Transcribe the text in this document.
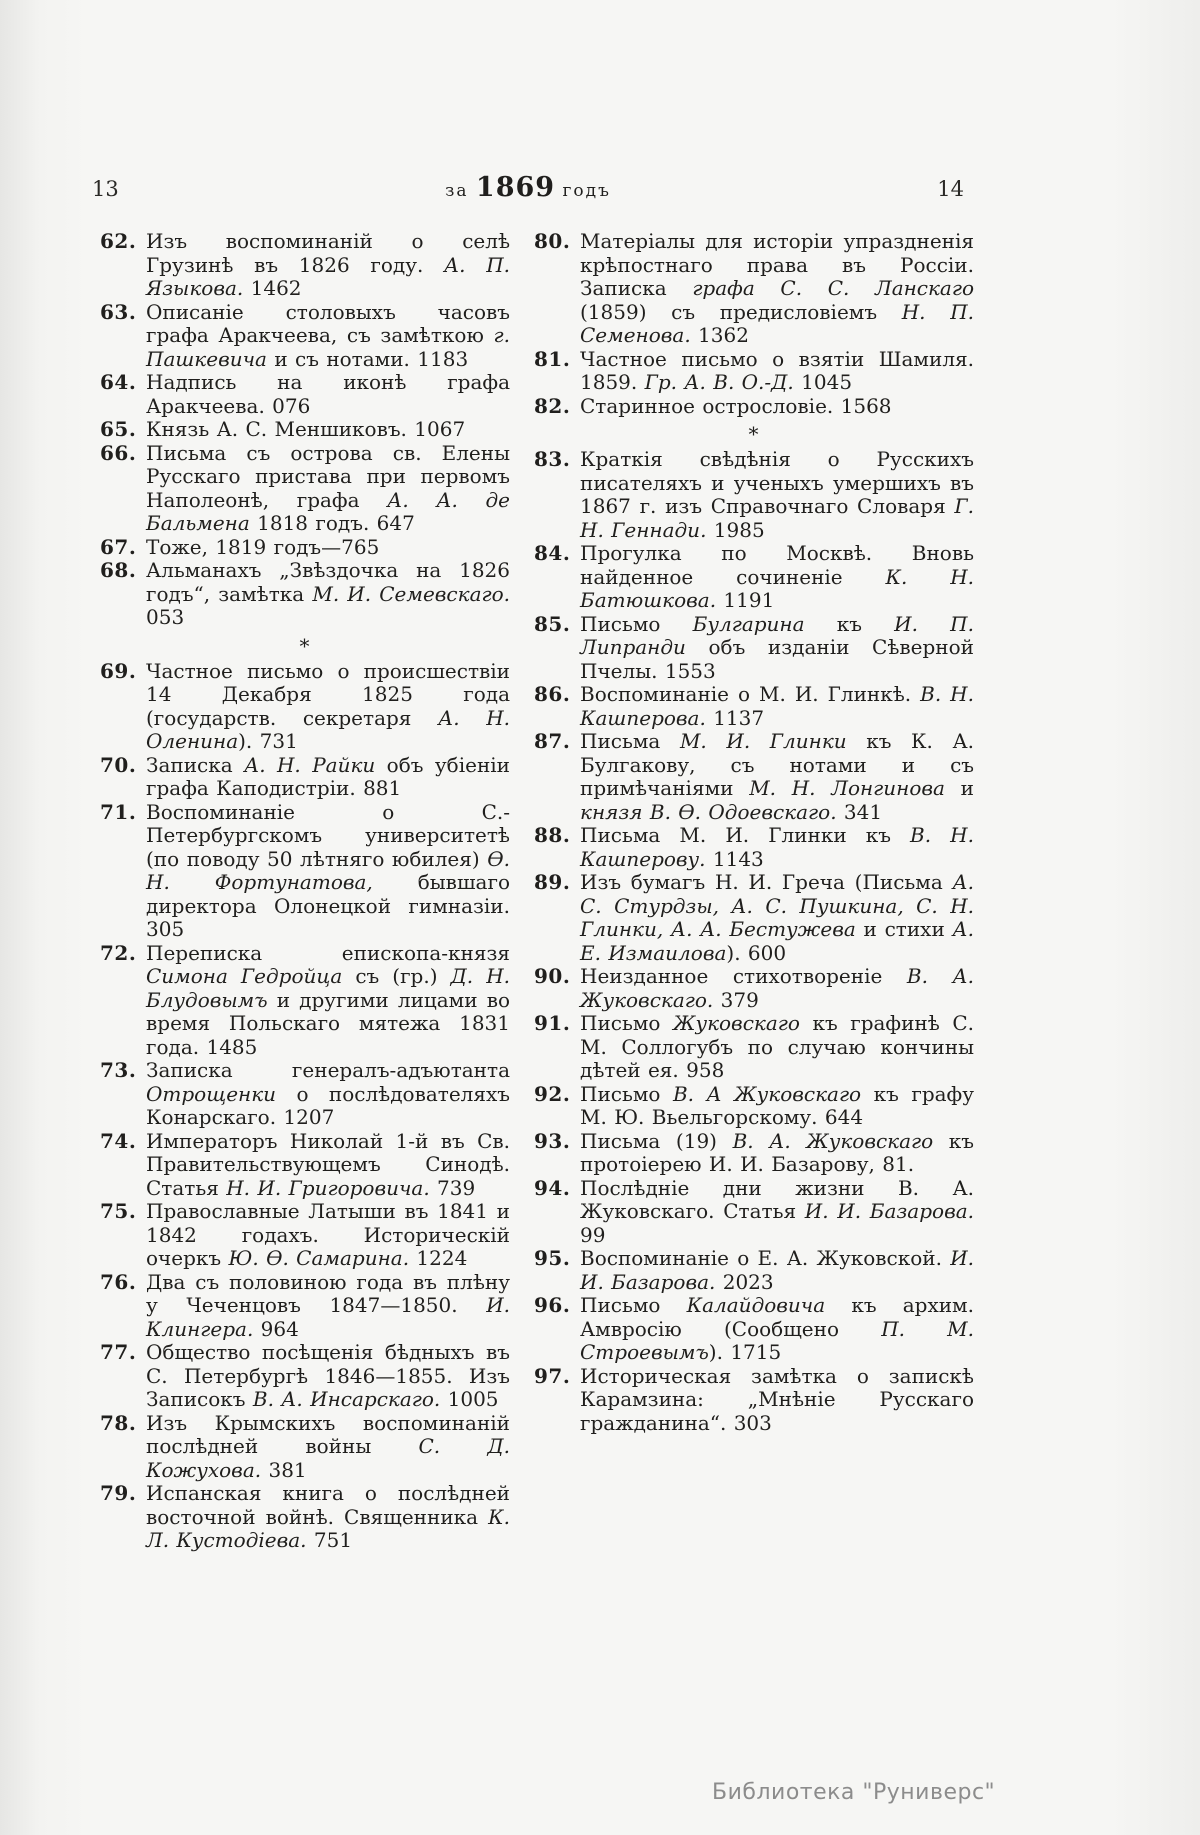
13	за 1869 годъ	14
62. Изъ воспоминаній о селѣ Грузинѣ въ 1826 году. А. П. Языкова. 1462
63. Описаніе столовыхъ часовъ графа Аракчеева, съ замѣткою г. Пашкевича и съ нотами. 1183
64. Надпись на иконѣ графа Аракчеева. 076
65. Князь А. С. Меншиковъ. 1067
66. Письма съ острова св. Елены Русскаго пристава при первомъ Наполеонѣ, графа А. А. де Бальмена 1818 годъ. 647
67. Тоже, 1819 годъ—765
68. Альманахъ „Звѣздочка на 1826 годъ“, замѣтка М. И. Семевскаго. 053
*
69. Частное письмо о происшествіи 14 Декабря 1825 года (государств. секретаря А. Н. Оленина). 731
70. Записка А. Н. Райки объ убіеніи графа Каподистріи. 881
71. Воспоминаніе о С.-Петербургскомъ университетѣ (по поводу 50 лѣтняго юбилея) Ѳ. Н. Фортунатова, бывшаго директора Олонецкой гимназіи. 305
72. Переписка епископа-князя Симона Гедройца съ (гр.) Д. Н. Блудовымъ и другими лицами во время Польскаго мятежа 1831 года. 1485
73. Записка генералъ-адъютанта Отрощенки о послѣдователяхъ Конарскаго. 1207
74. Императоръ Николай 1-й въ Св. Правительствующемъ Синодѣ. Статья Н. И. Григоровича. 739
75. Православные Латыши въ 1841 и 1842 годахъ. Историческій очеркъ Ю. Ѳ. Самарина. 1224
76. Два съ половиною года въ плѣну у Чеченцовъ 1847—1850. И. Клингера. 964
77. Общество посѣщенія бѣдныхъ въ С. Петербургѣ 1846—1855. Изъ Записокъ В. А. Инсарскаго. 1005
78. Изъ Крымскихъ воспоминаній послѣдней войны С. Д. Кожухова. 381
79. Испанская книга о послѣдней восточной войнѣ. Священника К. Л. Кустодіева. 751
80. Матеріалы для исторіи упраздненія крѣпостнаго права въ Россіи. Записка графа С. С. Ланскаго (1859) съ предисловіемъ Н. П. Семенова. 1362
81. Частное письмо о взятіи Шамиля. 1859. Гр. А. В. О.-Д. 1045
82. Старинное острословіе. 1568
*
83. Краткія свѣдѣнія о Русскихъ писателяхъ и ученыхъ умершихъ въ 1867 г. изъ Справочнаго Словаря Г. Н. Геннади. 1985
84. Прогулка по Москвѣ. Вновь найденное сочиненіе К. Н. Батюшкова. 1191
85. Письмо Булгарина къ И. П. Липранди объ изданіи Сѣверной Пчелы. 1553
86. Воспоминаніе о М. И. Глинкѣ. В. Н. Кашперова. 1137
87. Письма М. И. Глинки къ К. А. Булгакову, съ нотами и съ примѣчаніями М. Н. Лонгинова и князя В. Ѳ. Одоевскаго. 341
88. Письма М. И. Глинки къ В. Н. Кашперову. 1143
89. Изъ бумагъ Н. И. Греча (Письма А. С. Стурдзы, А. С. Пушкина, С. Н. Глинки, А. А. Бестужева и стихи А. Е. Измаилова). 600
90. Неизданное стихотвореніе В. А. Жуковскаго. 379
91. Письмо Жуковскаго къ графинѣ С. М. Соллогубъ по случаю кончины дѣтей ея. 958
92. Письмо В. А Жуковскаго къ графу М. Ю. Вьельгорскому. 644
93. Письма (19) В. А. Жуковскаго къ протоіерею И. И. Базарову, 81.
94. Послѣдніе дни жизни В. А. Жуковскаго. Статья И. И. Базарова. 99
95. Воспоминаніе о Е. А. Жуковской. И. И. Базарова. 2023
96. Письмо Калайдовича къ архим. Амвросію (Сообщено П. М. Строевымъ). 1715
97. Историческая замѣтка о запискѣ Карамзина: „Мнѣніе Русскаго гражданина“. 303
Библиотека "Руниверс"
